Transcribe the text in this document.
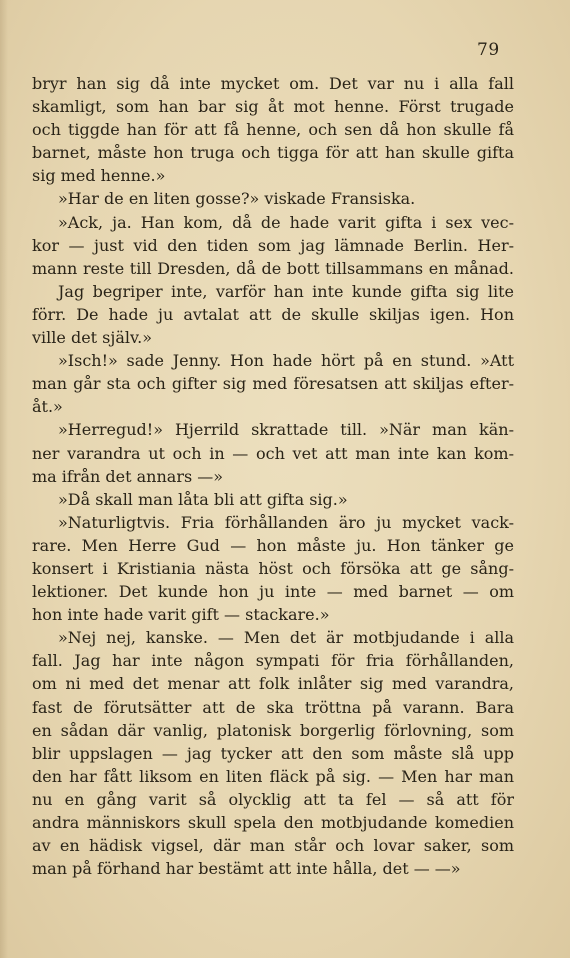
79
bryr han sig då inte mycket om. Det var nu i alla fall
skamligt, som han bar sig åt mot henne. Först trugade
och tiggde han för att få henne, och sen då hon skulle få
barnet, måste hon truga och tigga för att han skulle gifta
sig med henne.»
»Har de en liten gosse?» viskade Fransiska.
»Ack, ja. Han kom, då de hade varit gifta i sex vec-
kor — just vid den tiden som jag lämnade Berlin. Her-
mann reste till Dresden, då de bott tillsammans en månad.
Jag begriper inte, varför han inte kunde gifta sig lite
förr. De hade ju avtalat att de skulle skiljas igen. Hon
ville det själv.»
»Isch!» sade Jenny. Hon hade hört på en stund. »Att
man går sta och gifter sig med föresatsen att skiljas efter-
åt.»
»Herregud!» Hjerrild skrattade till. »När man kän-
ner varandra ut och in — och vet att man inte kan kom-
ma ifrån det annars —»
»Då skall man låta bli att gifta sig.»
»Naturligtvis. Fria förhållanden äro ju mycket vack-
rare. Men Herre Gud — hon måste ju. Hon tänker ge
konsert i Kristiania nästa höst och försöka att ge sång-
lektioner. Det kunde hon ju inte — med barnet — om
hon inte hade varit gift — stackare.»
»Nej nej, kanske. — Men det är motbjudande i alla
fall. Jag har inte någon sympati för fria förhållanden,
om ni med det menar att folk inlåter sig med varandra,
fast de förutsätter att de ska tröttna på varann. Bara
en sådan där vanlig, platonisk borgerlig förlovning, som
blir uppslagen — jag tycker att den som måste slå upp
den har fått liksom en liten fläck på sig. — Men har man
nu en gång varit så olycklig att ta fel — så att för
andra människors skull spela den motbjudande komedien
av en hädisk vigsel, där man står och lovar saker, som
man på förhand har bestämt att inte hålla, det — —»
